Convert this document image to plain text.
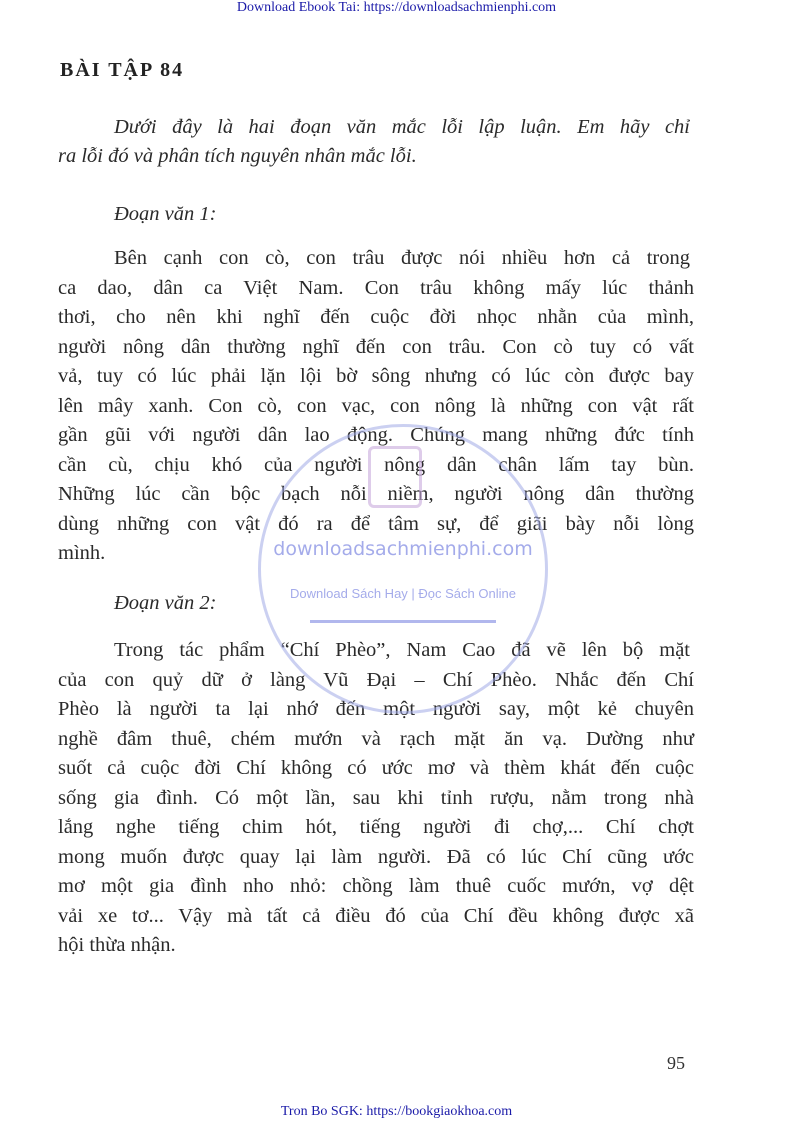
Download Ebook Tai: https://downloadsachmienphi.com
BÀI TẬP 84
Dưới đây là hai đoạn văn mắc lỗi lập luận. Em hãy chỉ
ra lỗi đó và phân tích nguyên nhân mắc lỗi.
Đoạn văn 1:
Bên cạnh con cò, con trâu được nói nhiều hơn cả trong
ca dao, dân ca Việt Nam. Con trâu không mấy lúc thảnh
thơi, cho nên khi nghĩ đến cuộc đời nhọc nhằn của mình,
người nông dân thường nghĩ đến con trâu. Con cò tuy có vất
vả, tuy có lúc phải lặn lội bờ sông nhưng có lúc còn được bay
lên mây xanh. Con cò, con vạc, con nông là những con vật rất
gần gũi với người dân lao động. Chúng mang những đức tính
cần cù, chịu khó của người nông dân chân lấm tay bùn.
Những lúc cần bộc bạch nỗi niềm, người nông dân thường
dùng những con vật đó ra để tâm sự, để giãi bày nỗi lòng
mình.
Đoạn văn 2:
Trong tác phẩm “Chí Phèo”, Nam Cao đã vẽ lên bộ mặt
của con quỷ dữ ở làng Vũ Đại – Chí Phèo. Nhắc đến Chí
Phèo là người ta lại nhớ đến một người say, một kẻ chuyên
nghề đâm thuê, chém mướn và rạch mặt ăn vạ. Dường như
suốt cả cuộc đời Chí không có ước mơ và thèm khát đến cuộc
sống gia đình. Có một lần, sau khi tỉnh rượu, nằm trong nhà
lắng nghe tiếng chim hót, tiếng người đi chợ,... Chí chợt
mong muốn được quay lại làm người. Đã có lúc Chí cũng ước
mơ một gia đình nho nhỏ: chồng làm thuê cuốc mướn, vợ dệt
vải xe tơ... Vậy mà tất cả điều đó của Chí đều không được xã
hội thừa nhận.
95
downloadsachmienphi.com
Download Sách Hay | Đọc Sách Online
Tron Bo SGK: https://bookgiaokhoa.com
